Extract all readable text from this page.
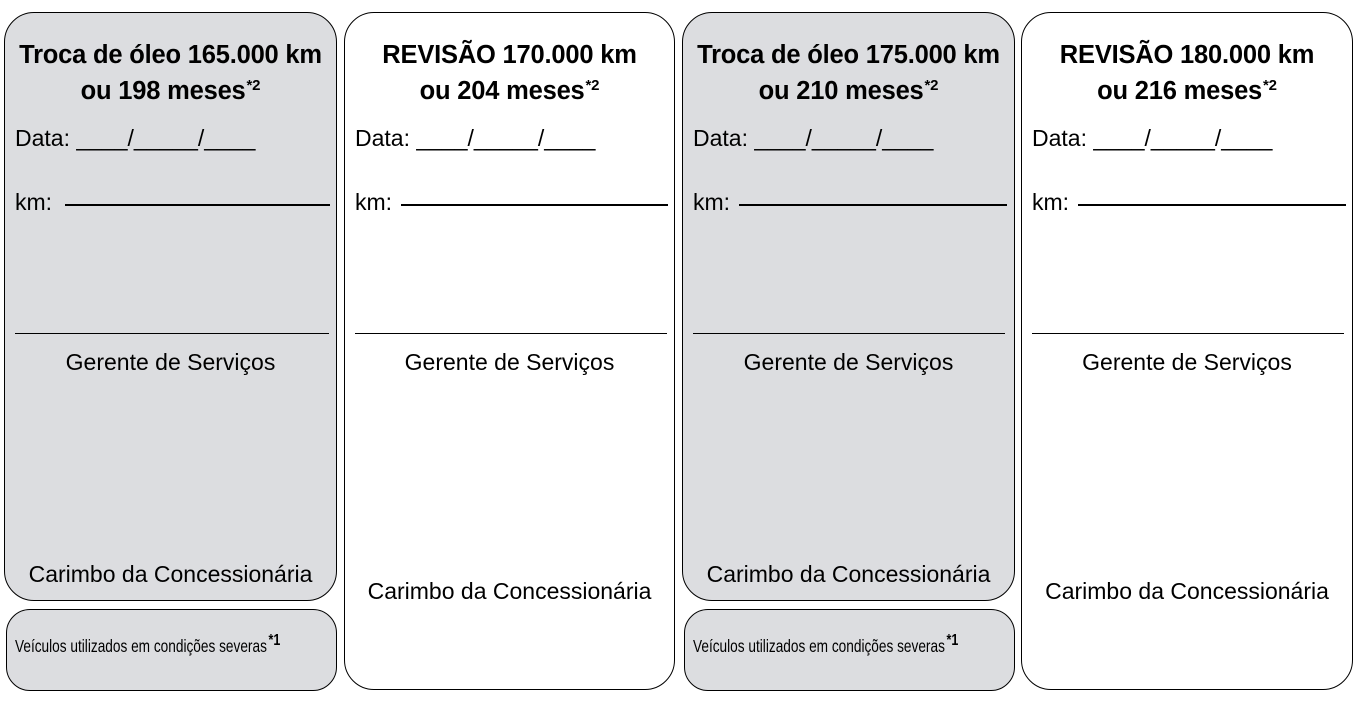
Troca de óleo 165.000 km
ou 198 meses$^{*2}$
Data: ____/_____/____
km:
Gerente de Serviços
Carimbo da Concessionária
Veículos utilizados em condições severas$^{*1}$
REVISÃO 170.000 km
ou 204 meses$^{*2}$
Data: ____/_____/____
km:
Gerente de Serviços
Carimbo da Concessionária
Troca de óleo 175.000 km
ou 210 meses$^{*2}$
Data: ____/_____/____
km:
Gerente de Serviços
Carimbo da Concessionária
Veículos utilizados em condições severas$^{*1}$
REVISÃO 180.000 km
ou 216 meses$^{*2}$
Data: ____/_____/____
km:
Gerente de Serviços
Carimbo da Concessionária
